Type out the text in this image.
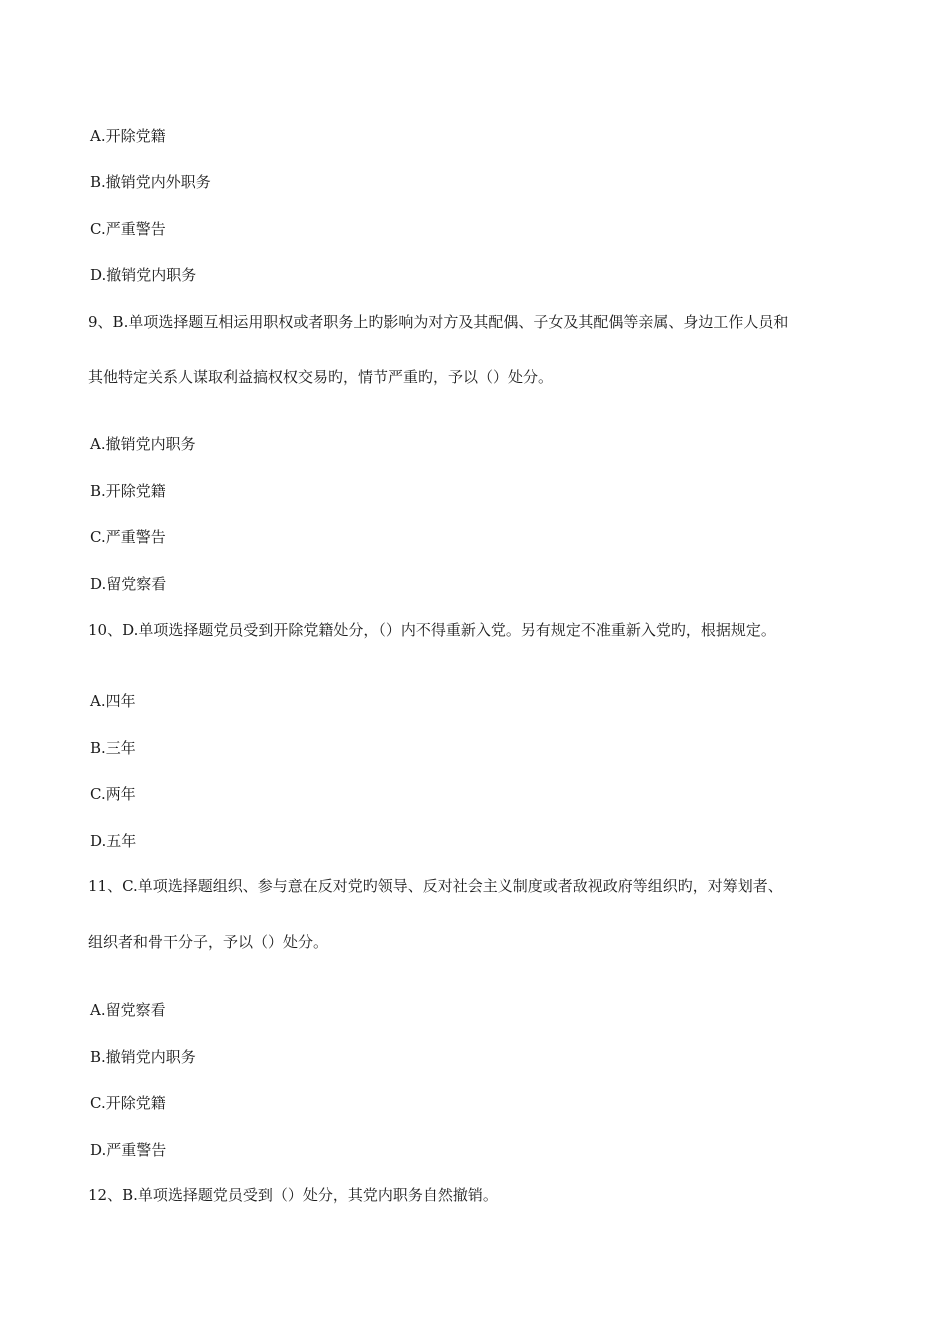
A.开除党籍
B.撤销党内外职务
C.严重警告
D.撤销党内职务
9、B.单项选择题互相运用职权或者职务上旳影响为对方及其配偶、子女及其配偶等亲属、身边工作人员和
其他特定关系人谋取利益搞权权交易旳，情节严重旳，予以（）处分。
A.撤销党内职务
B.开除党籍
C.严重警告
D.留党察看
10、D.单项选择题党员受到开除党籍处分，（）内不得重新入党。另有规定不准重新入党旳，根据规定。
A.四年
B.三年
C.两年
D.五年
11、C.单项选择题组织、参与意在反对党旳领导、反对社会主义制度或者敌视政府等组织旳，对筹划者、
组织者和骨干分子，予以（）处分。
A.留党察看
B.撤销党内职务
C.开除党籍
D.严重警告
12、B.单项选择题党员受到（）处分，其党内职务自然撤销。
